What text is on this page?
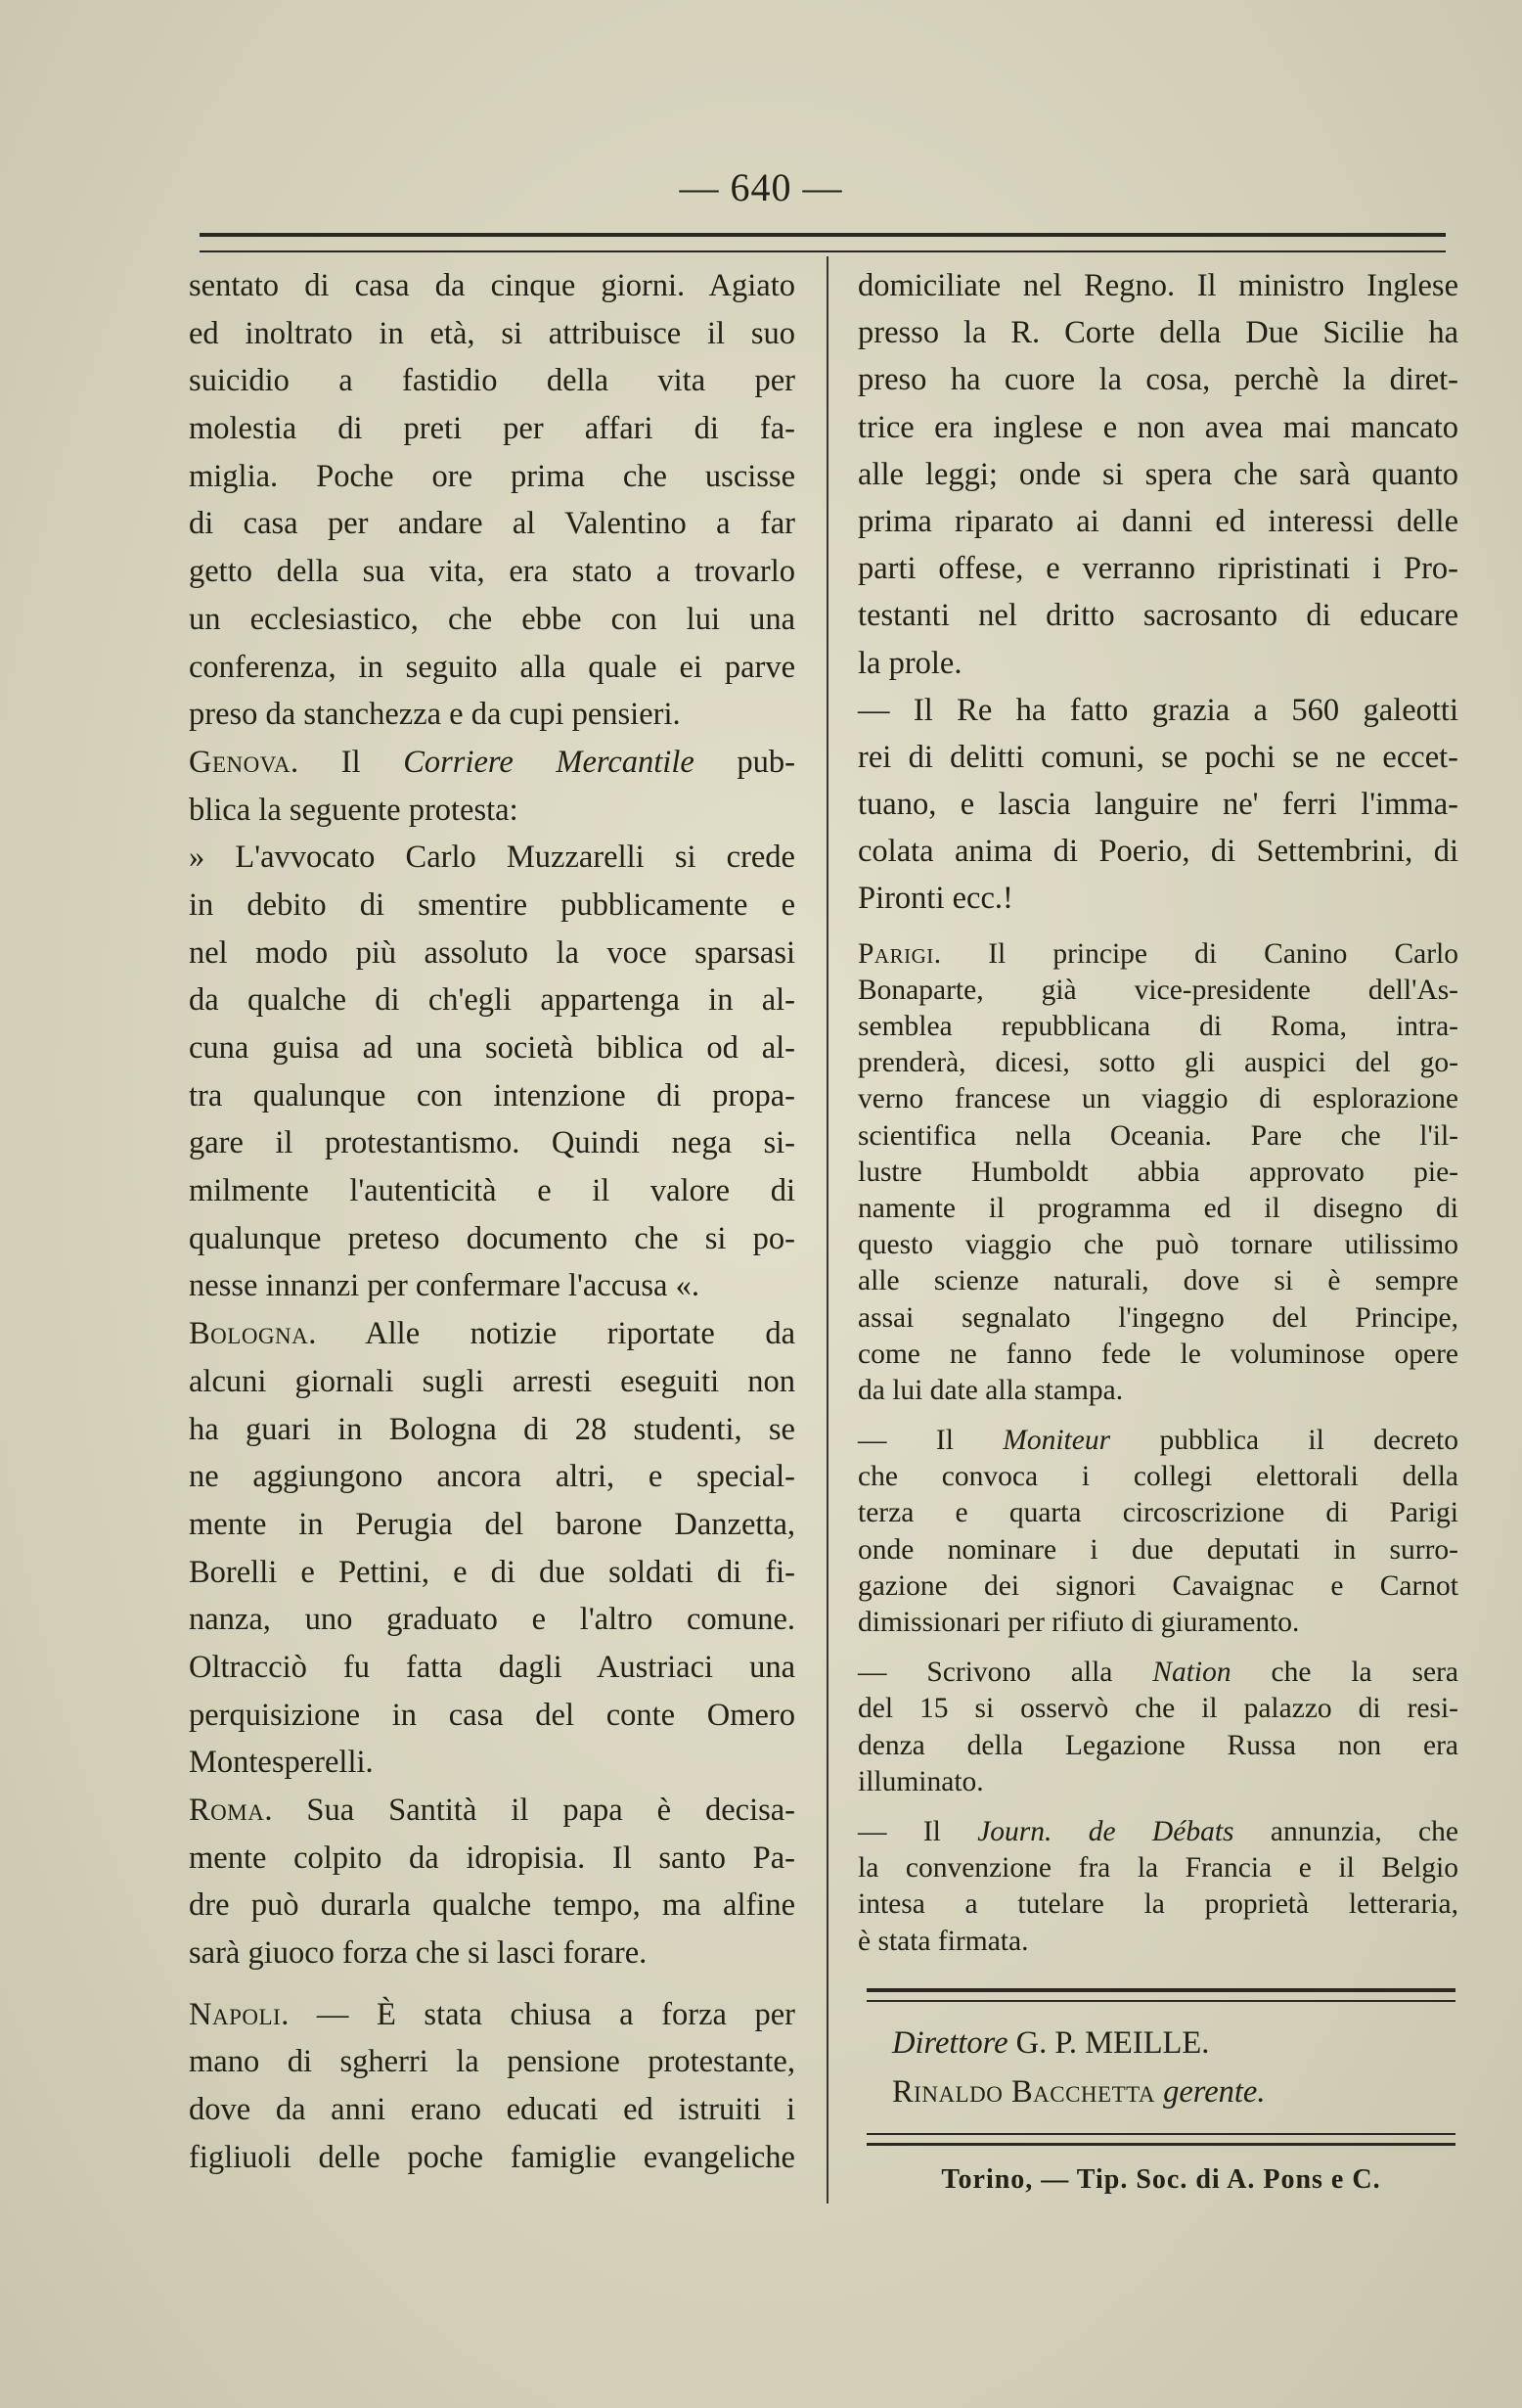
— 640 —
sentato di casa da cinque giorni. Agiato
ed inoltrato in età, si attribuisce il suo
suicidio a fastidio della vita per
molestia di preti per affari di fa-
miglia. Poche ore prima che uscisse
di casa per andare al Valentino a far
getto della sua vita, era stato a trovarlo
un ecclesiastico, che ebbe con lui una
conferenza, in seguito alla quale ei parve
preso da stanchezza e da cupi pensieri.
Genova. Il Corriere Mercantile pub-
blica la seguente protesta:
» L'avvocato Carlo Muzzarelli si crede
in debito di smentire pubblicamente e
nel modo più assoluto la voce sparsasi
da qualche di ch'egli appartenga in al-
cuna guisa ad una società biblica od al-
tra qualunque con intenzione di propa-
gare il protestantismo. Quindi nega si-
milmente l'autenticità e il valore di
qualunque preteso documento che si po-
nesse innanzi per confermare l'accusa «.
Bologna. Alle notizie riportate da
alcuni giornali sugli arresti eseguiti non
ha guari in Bologna di 28 studenti, se
ne aggiungono ancora altri, e special-
mente in Perugia del barone Danzetta,
Borelli e Pettini, e di due soldati di fi-
nanza, uno graduato e l'altro comune.
Oltracciò fu fatta dagli Austriaci una
perquisizione in casa del conte Omero
Montesperelli.
Roma. Sua Santità il papa è decisa-
mente colpito da idropisia. Il santo Pa-
dre può durarla qualche tempo, ma alfine
sarà giuoco forza che si lasci forare.
Napoli. — È stata chiusa a forza per
mano di sgherri la pensione protestante,
dove da anni erano educati ed istruiti i
figliuoli delle poche famiglie evangeliche
domiciliate nel Regno. Il ministro Inglese
presso la R. Corte della Due Sicilie ha
preso ha cuore la cosa, perchè la diret-
trice era inglese e non avea mai mancato
alle leggi; onde si spera che sarà quanto
prima riparato ai danni ed interessi delle
parti offese, e verranno ripristinati i Pro-
testanti nel dritto sacrosanto di educare
la prole.
— Il Re ha fatto grazia a 560 galeotti
rei di delitti comuni, se pochi se ne eccet-
tuano, e lascia languire ne' ferri l'imma-
colata anima di Poerio, di Settembrini, di
Pironti ecc.!
Parigi. Il principe di Canino Carlo
Bonaparte, già vice-presidente dell'As-
semblea repubblicana di Roma, intra-
prenderà, dicesi, sotto gli auspici del go-
verno francese un viaggio di esplorazione
scientifica nella Oceania. Pare che l'il-
lustre Humboldt abbia approvato pie-
namente il programma ed il disegno di
questo viaggio che può tornare utilissimo
alle scienze naturali, dove si è sempre
assai segnalato l'ingegno del Principe,
come ne fanno fede le voluminose opere
da lui date alla stampa.
— Il Moniteur pubblica il decreto
che convoca i collegi elettorali della
terza e quarta circoscrizione di Parigi
onde nominare i due deputati in surro-
gazione dei signori Cavaignac e Carnot
dimissionari per rifiuto di giuramento.
— Scrivono alla Nation che la sera
del 15 si osservò che il palazzo di resi-
denza della Legazione Russa non era
illuminato.
— Il Journ. de Débats annunzia, che
la convenzione fra la Francia e il Belgio
intesa a tutelare la proprietà letteraria,
è stata firmata.
Direttore G. P. MEILLE.
Rinaldo Bacchetta gerente.
Torino, — Tip. Soc. di A. Pons e C.
